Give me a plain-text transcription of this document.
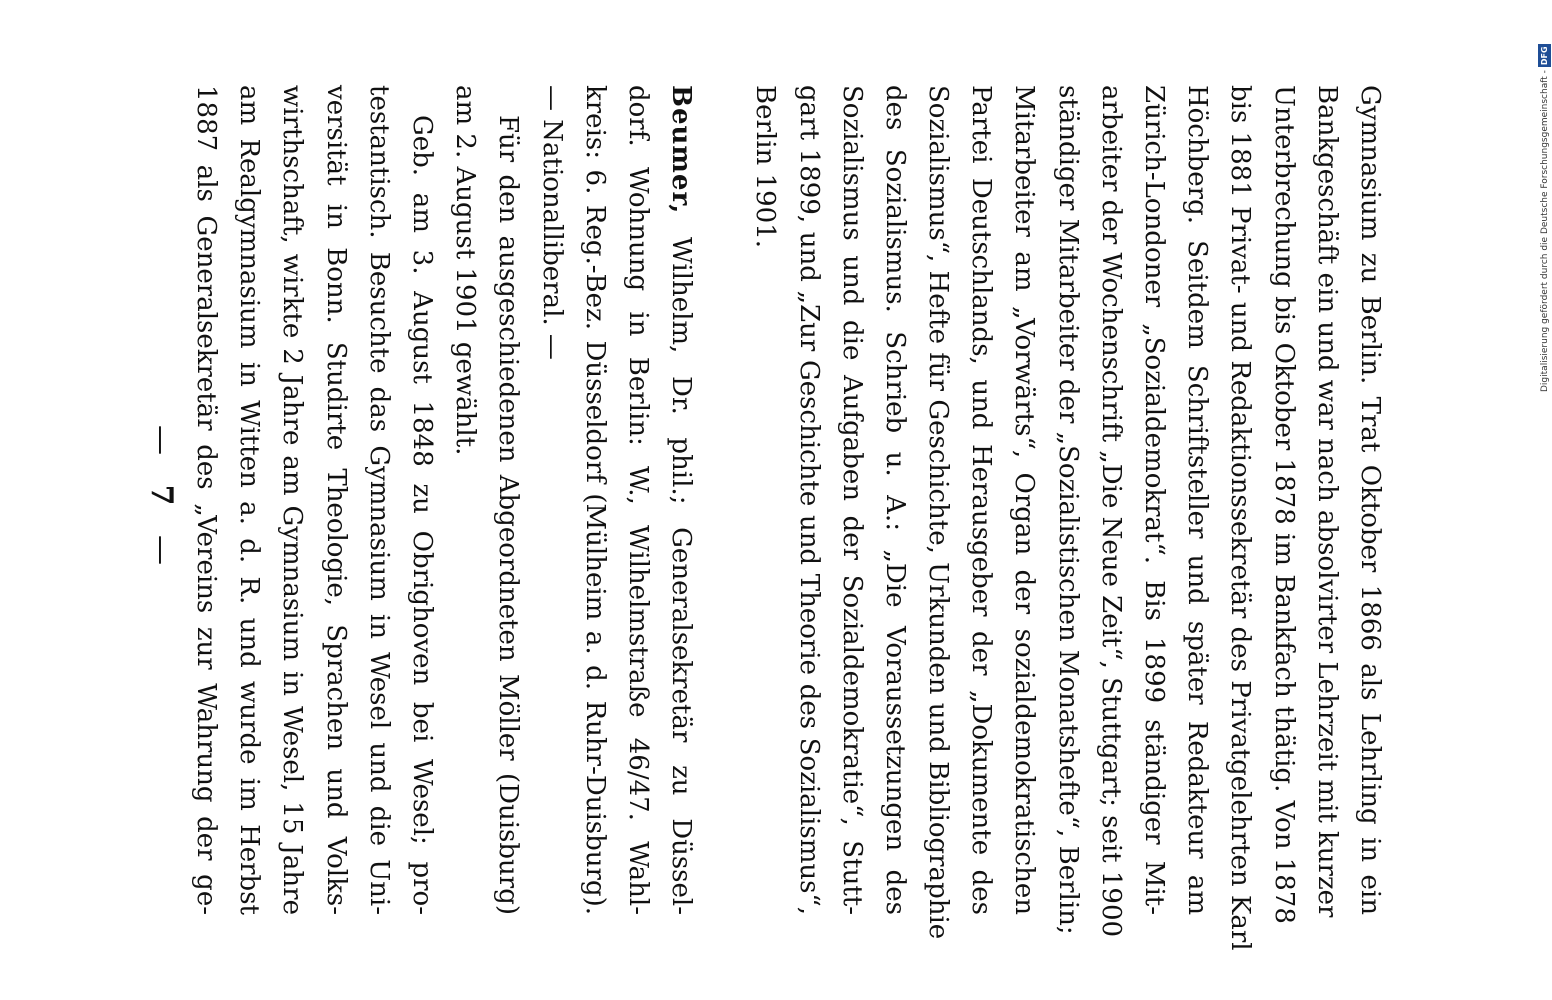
— 7 —	Gymnasium zu Berlin. Trat Oktober 1866 als Lehrling in ein
Bankgeschäft ein und war nach absolvirter Lehrzeit mit kurzer
Unterbrechung bis Oktober 1878 im Bankfach thätig. Von 1878
bis 1881 Privat- und Redaktionssekretär des Privatgelehrten Karl
Höchberg. Seitdem Schriftsteller und später Redakteur am
Zürich-Londoner „Sozialdemokrat“. Bis 1899 ständiger Mit-
arbeiter der Wochenschrift „Die Neue Zeit“, Stuttgart; seit 1900
ständiger Mitarbeiter der „Sozialistischen Monatshefte“, Berlin;
Mitarbeiter am „Vorwärts“, Organ der sozialdemokratischen
Partei Deutschlands, und Herausgeber der „Dokumente des
Sozialismus“, Hefte für Geschichte, Urkunden und Bibliographie
des Sozialismus. Schrieb u. A.: „Die Voraussetzungen des
Sozialismus und die Aufgaben der Sozialdemokratie“, Stutt-
gart 1899, und „Zur Geschichte und Theorie des Sozialismus“,
Berlin 1901.
Beumer, Wilhelm, Dr. phil.; Generalsekretär zu Düssel-
dorf. Wohnung in Berlin: W., Wilhelmstraße 46/47. Wahl-
kreis: 6. Reg.-Bez. Düsseldorf (Mülheim a. d. Ruhr-Duisburg).
— Nationalliberal. —
Für den ausgeschiedenen Abgeordneten Möller (Duisburg)
am 2. August 1901 gewählt.
Geb. am 3. August 1848 zu Obrighoven bei Wesel; pro-
testantisch. Besuchte das Gymnasium in Wesel und die Uni-
versität in Bonn. Studirte Theologie, Sprachen und Volks-
wirthschaft, wirkte 2 Jahre am Gymnasium in Wesel, 15 Jahre
am Realgymnasium in Witten a. d. R. und wurde im Herbst
1887 als Generalsekretär des „Vereins zur Wahrung der ge-	Digitalisierung gefördert durch die Deutsche Forschungsgemeinschaft -DFG
